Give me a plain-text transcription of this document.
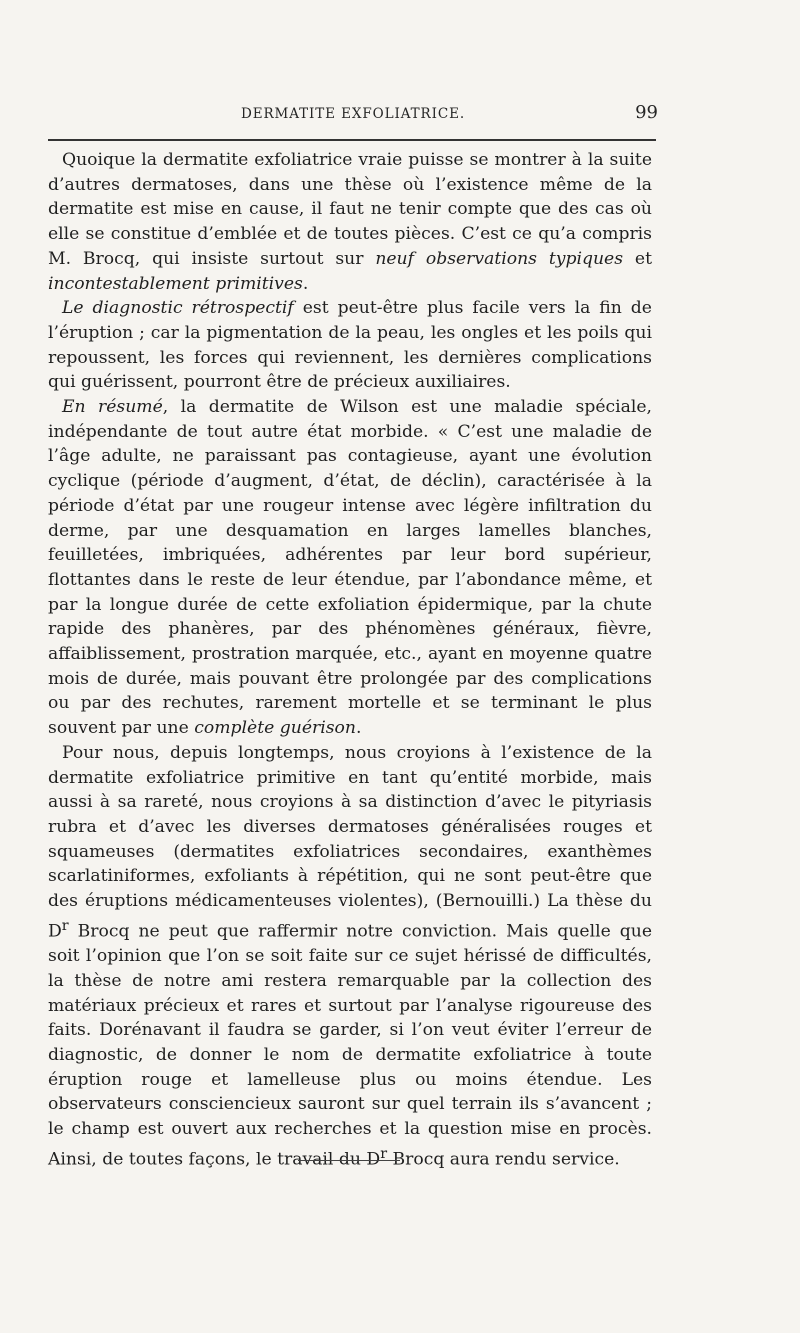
DERMATITE EXFOLIATRICE.	99

Quoique la dermatite exfoliatrice vraie puisse se montrer à la suite d’autres dermatoses, dans une thèse où l’existence même de la dermatite est mise en cause, il faut ne tenir compte que des cas où elle se constitue d’emblée et de toutes pièces. C’est ce qu’a compris M. Brocq, qui insiste surtout sur neuf observations typiques et incontestablement primitives.

Le diagnostic rétrospectif est peut-être plus facile vers la fin de l’éruption ; car la pigmentation de la peau, les ongles et les poils qui repoussent, les forces qui reviennent, les dernières complications qui guérissent, pourront être de précieux auxiliaires.

En résumé, la dermatite de Wilson est une maladie spéciale, indépendante de tout autre état morbide. « C’est une maladie de l’âge adulte, ne paraissant pas contagieuse, ayant une évolution cyclique (période d’augment, d’état, de déclin), caractérisée à la période d’état par une rougeur intense avec légère infiltration du derme, par une desquamation en larges lamelles blanches, feuilletées, imbriquées, adhérentes par leur bord supérieur, flottantes dans le reste de leur étendue, par l’abondance même, et par la longue durée de cette exfoliation épidermique, par la chute rapide des phanères, par des phénomènes généraux, fièvre, affaiblissement, prostration marquée, etc., ayant en moyenne quatre mois de durée, mais pouvant être prolongée par des complications ou par des rechutes, rarement mortelle et se terminant le plus souvent par une complète guérison.

Pour nous, depuis longtemps, nous croyions à l’existence de la dermatite exfoliatrice primitive en tant qu’entité morbide, mais aussi à sa rareté, nous croyions à sa distinction d’avec le pityriasis rubra et d’avec les diverses dermatoses généralisées rouges et squameuses (dermatites exfoliatrices secondaires, exanthèmes scarlatiniformes, exfoliants à répétition, qui ne sont peut-être que des éruptions médicamenteuses violentes), (Bernouilli.) La thèse du $D^r$ Brocq ne peut que raffermir notre conviction. Mais quelle que soit l’opinion que l’on se soit faite sur ce sujet hérissé de difficultés, la thèse de notre ami restera remarquable par la collection des matériaux précieux et rares et surtout par l’analyse rigoureuse des faits. Dorénavant il faudra se garder, si l’on veut éviter l’erreur de diagnostic, de donner le nom de dermatite exfoliatrice à toute éruption rouge et lamelleuse plus ou moins étendue. Les observateurs consciencieux sauront sur quel terrain ils s’avancent ; le champ est ouvert aux recherches et la question mise en procès. Ainsi, de toutes façons, le travail du $D^r$ Brocq aura rendu service.
